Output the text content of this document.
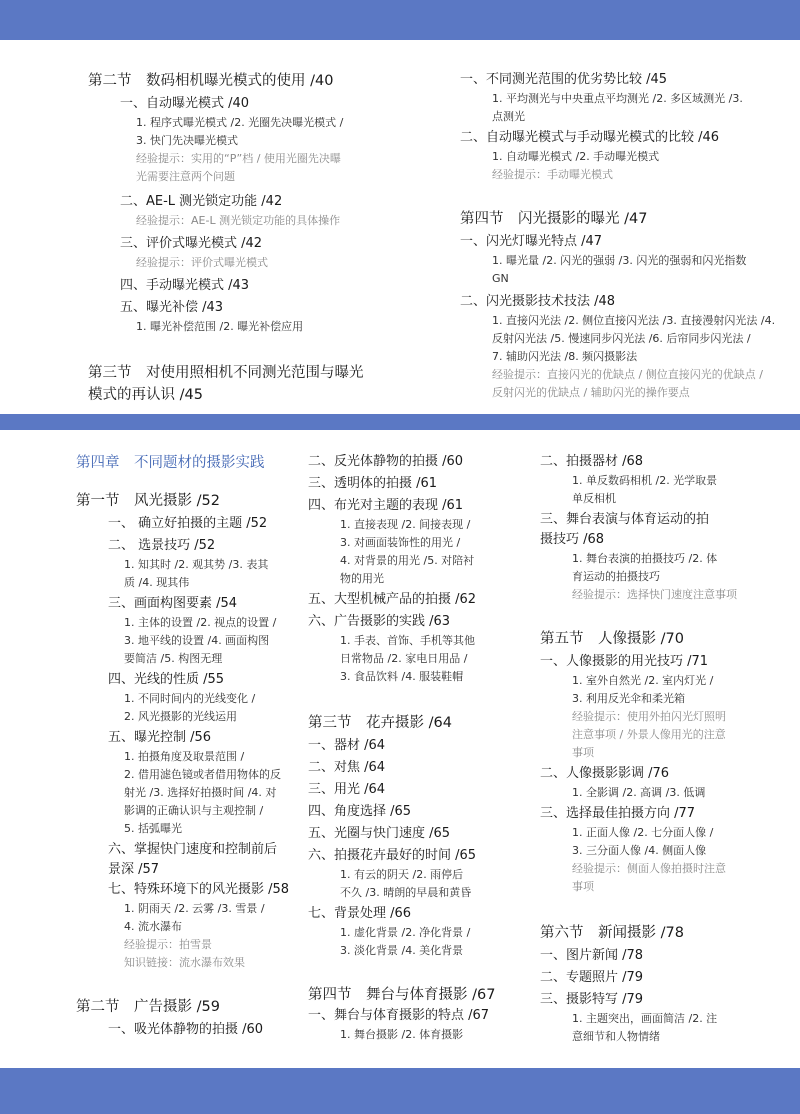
第二节　数码相机曝光模式的使用 /40
一、自动曝光模式 /40
1. 程序式曝光模式 /2. 光圈先决曝光模式 /
3. 快门先决曝光模式
经验提示：实用的“P”档 / 使用光圈先决曝
光需要注意两个问题
二、AE-L 测光锁定功能 /42
经验提示：AE-L 测光锁定功能的具体操作
三、评价式曝光模式 /42
经验提示：评价式曝光模式
四、手动曝光模式 /43
五、曝光补偿 /43
1. 曝光补偿范围 /2. 曝光补偿应用
第三节　对使用照相机不同测光范围与曝光
模式的再认识 /45
一、不同测光范围的优劣势比较 /45
1. 平均测光与中央重点平均测光 /2. 多区域测光 /3.
点测光
二、自动曝光模式与手动曝光模式的比较 /46
1. 自动曝光模式 /2. 手动曝光模式
经验提示：手动曝光模式
第四节　闪光摄影的曝光 /47
一、闪光灯曝光特点 /47
1. 曝光量 /2. 闪光的强弱 /3. 闪光的强弱和闪光指数
GN
二、闪光摄影技术技法 /48
1. 直接闪光法 /2. 侧位直接闪光法 /3. 直接漫射闪光法 /4.
反射闪光法 /5. 慢速同步闪光法 /6. 后帘同步闪光法 /
7. 辅助闪光法 /8. 频闪摄影法
经验提示：直接闪光的优缺点 / 侧位直接闪光的优缺点 /
反射闪光的优缺点 / 辅助闪光的操作要点
第四章　不同题材的摄影实践
第一节　风光摄影 /52
一、 确立好拍摄的主题 /52
二、 选景技巧 /52
1. 知其时 /2. 观其势 /3. 表其
质 /4. 现其伟
三、画面构图要素 /54
1. 主体的设置 /2. 视点的设置 /
3. 地平线的设置 /4. 画面构图
要简洁 /5. 构图无理
四、光线的性质 /55
1. 不同时间内的光线变化 /
2. 风光摄影的光线运用
五、曝光控制 /56
1. 拍摄角度及取景范围 /
2. 借用滤色镜或者借用物体的反
射光 /3. 选择好拍摄时间 /4. 对
影调的正确认识与主观控制 /
5. 括弧曝光
六、掌握快门速度和控制前后
景深 /57
七、特殊环境下的风光摄影 /58
1. 阴雨天 /2. 云雾 /3. 雪景 /
4. 流水瀑布
经验提示：拍雪景
知识链接：流水瀑布效果
第二节　广告摄影 /59
一、吸光体静物的拍摄 /60
二、反光体静物的拍摄 /60
三、透明体的拍摄 /61
四、布光对主题的表现 /61
1. 直接表现 /2. 间接表现 /
3. 对画面装饰性的用光 /
4. 对背景的用光 /5. 对陪衬
物的用光
五、大型机械产品的拍摄 /62
六、广告摄影的实践 /63
1. 手表、首饰、手机等其他
日常物品 /2. 家电日用品 /
3. 食品饮料 /4. 服装鞋帽
第三节　花卉摄影 /64
一、器材 /64
二、对焦 /64
三、用光 /64
四、角度选择 /65
五、光圈与快门速度 /65
六、拍摄花卉最好的时间 /65
1. 有云的阴天 /2. 雨停后
不久 /3. 晴朗的早晨和黄昏
七、背景处理 /66
1. 虚化背景 /2. 净化背景 /
3. 淡化背景 /4. 美化背景
第四节　舞台与体育摄影 /67
一、舞台与体育摄影的特点 /67
1. 舞台摄影 /2. 体育摄影
二、拍摄器材 /68
1. 单反数码相机 /2. 光学取景
单反相机
三、舞台表演与体育运动的拍
摄技巧 /68
1. 舞台表演的拍摄技巧 /2. 体
育运动的拍摄技巧
经验提示：选择快门速度注意事项
第五节　人像摄影 /70
一、人像摄影的用光技巧 /71
1. 室外自然光 /2. 室内灯光 /
3. 利用反光伞和柔光箱
经验提示：使用外拍闪光灯照明
注意事项 / 外景人像用光的注意
事项
二、人像摄影影调 /76
1. 全影调 /2. 高调 /3. 低调
三、选择最佳拍摄方向 /77
1. 正面人像 /2. 七分面人像 /
3. 三分面人像 /4. 侧面人像
经验提示：侧面人像拍摄时注意
事项
第六节　新闻摄影 /78
一、图片新闻 /78
二、专题照片 /79
三、摄影特写 /79
1. 主题突出，画面简洁 /2. 注
意细节和人物情绪
